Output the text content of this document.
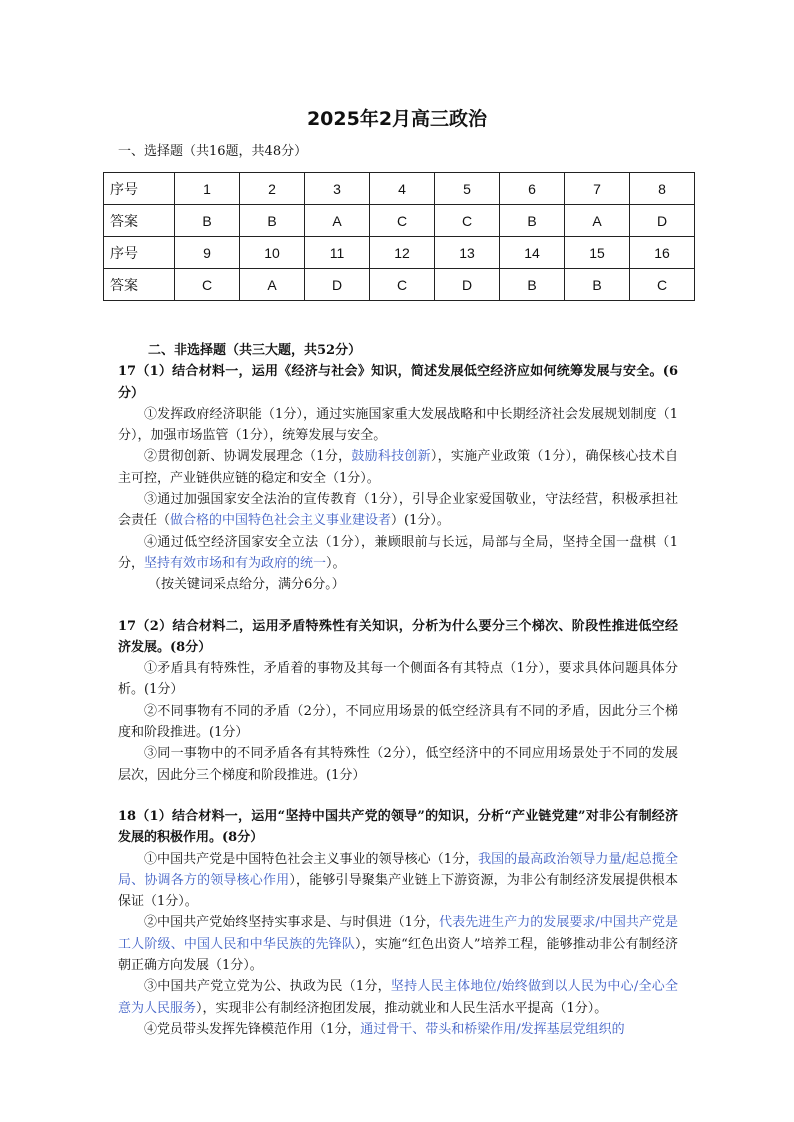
2025年2月高三政治
一、选择题（共16题，共48分）
序号	1	2	3	4	5	6	7	8
答案	B	B	A	C	C	B	A	D
序号	9	10	11	12	13	14	15	16
答案	C	A	D	C	D	B	B	C

二、非选择题（共三大题，共52分）

17（1）结合材料一，运用《经济与社会》知识，简述发展低空经济应如何统筹发展与安全。(6分）

①发挥政府经济职能（1分），通过实施国家重大发展战略和中长期经济社会发展规划制度（1分），加强市场监管（1分），统筹发展与安全。

②贯彻创新、协调发展理念（1分，鼓励科技创新），实施产业政策（1分），确保核心技术自主可控，产业链供应链的稳定和安全（1分）。

③通过加强国家安全法治的宣传教育（1分），引导企业家爱国敬业，守法经营，积极承担社会责任（做合格的中国特色社会主义事业建设者）(1分）。

④通过低空经济国家安全立法（1分），兼顾眼前与长远，局部与全局，坚持全国一盘棋（1分，坚持有效市场和有为政府的统一）。

（按关键词采点给分，满分6分。）

17（2）结合材料二，运用矛盾特殊性有关知识，分析为什么要分三个梯次、阶段性推进低空经济发展。(8分）

①矛盾具有特殊性，矛盾着的事物及其每一个侧面各有其特点（1分），要求具体问题具体分析。(1分）

②不同事物有不同的矛盾（2分），不同应用场景的低空经济具有不同的矛盾，因此分三个梯度和阶段推进。(1分）

③同一事物中的不同矛盾各有其特殊性（2分），低空经济中的不同应用场景处于不同的发展层次，因此分三个梯度和阶段推进。(1分）

18（1）结合材料一，运用“坚持中国共产党的领导”的知识，分析“产业链党建”对非公有制经济发展的积极作用。(8分）

①中国共产党是中国特色社会主义事业的领导核心（1分，我国的最高政治领导力量/起总揽全局、协调各方的领导核心作用），能够引导聚集产业链上下游资源，为非公有制经济发展提供根本保证（1分）。

②中国共产党始终坚持实事求是、与时俱进（1分，代表先进生产力的发展要求/中国共产党是工人阶级、中国人民和中华民族的先锋队），实施“红色出资人”培养工程，能够推动非公有制经济朝正确方向发展（1分）。

③中国共产党立党为公、执政为民（1分，坚持人民主体地位/始终做到以人民为中心/全心全意为人民服务），实现非公有制经济抱团发展，推动就业和人民生活水平提高（1分）。

④党员带头发挥先锋模范作用（1分，通过骨干、带头和桥梁作用/发挥基层党组织的
